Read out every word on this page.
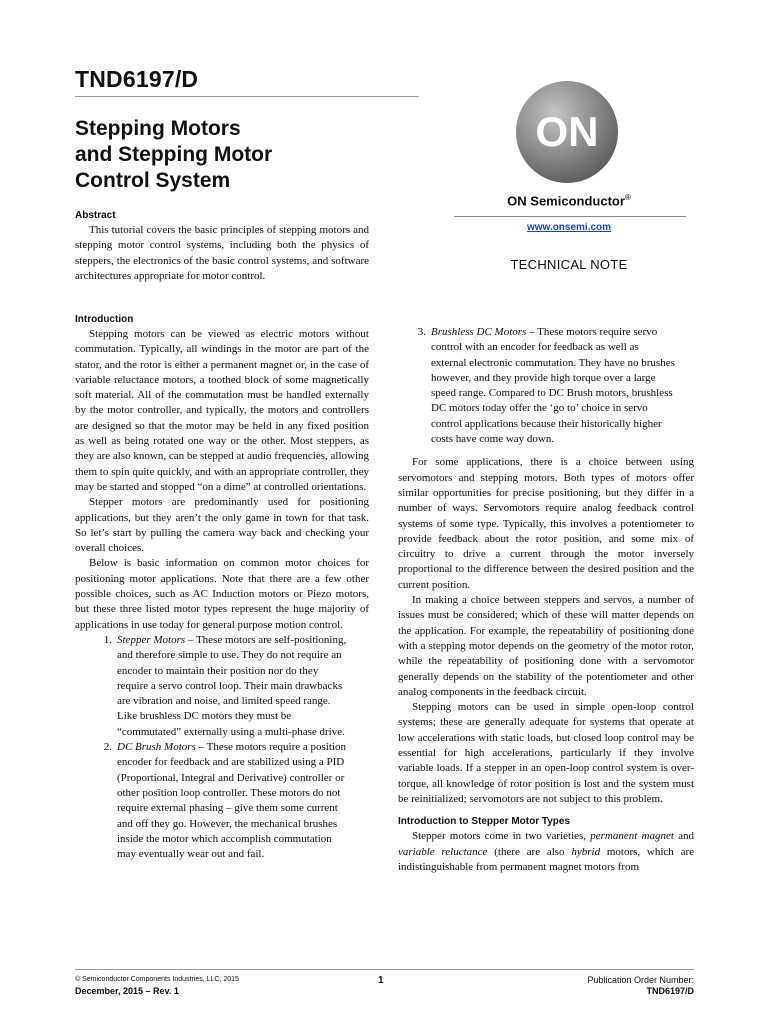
TND6197/D
Stepping Motors
and Stepping Motor
Control System
ON
ON Semiconductor®
www.onsemi.com
TECHNICAL NOTE
Abstract

This tutorial covers the basic principles of stepping motors and stepping motor control systems, including both the physics of steppers, the electronics of the basic control systems, and software architectures appropriate for motor control.

Introduction

Stepping motors can be viewed as electric motors without commutation. Typically, all windings in the motor are part of the stator, and the rotor is either a permanent magnet or, in the case of variable reluctance motors, a toothed block of some magnetically soft material. All of the commutation must be handled externally by the motor controller, and typically, the motors and controllers are designed so that the motor may be held in any fixed position as well as being rotated one way or the other. Most steppers, as they are also known, can be stepped at audio frequencies, allowing them to spin quite quickly, and with an appropriate controller, they may be started and stopped “on a dime” at controlled orientations.

Stepper motors are predominantly used for positioning applications, but they aren’t the only game in town for that task. So let’s start by pulling the camera way back and checking your overall choices.

Below is basic information on common motor choices for positioning motor applications. Note that there are a few other possible choices, such as AC Induction motors or Piezo motors, but these three listed motor types represent the huge majority of applications in use today for general purpose motion control.

1. Stepper Motors – These motors are self-positioning, and therefore simple to use. They do not require an encoder to maintain their position nor do they require a servo control loop. Their main drawbacks are vibration and noise, and limited speed range. Like brushless DC motors they must be “commutated” externally using a multi-phase drive.
2. DC Brush Motors – These motors require a position encoder for feedback and are stabilized using a PID (Proportional, Integral and Derivative) controller or other position loop controller. These motors do not require external phasing – give them some current and off they go. However, the mechanical brushes inside the motor which accomplish commutation may eventually wear out and fail.
3. Brushless DC Motors – These motors require servo control with an encoder for feedback as well as external electronic commutation. They have no brushes however, and they provide high torque over a large speed range. Compared to DC Brush motors, brushless DC motors today offer the ‘go to’ choice in servo control applications because their historically higher costs have come way down.

For some applications, there is a choice between using servomotors and stepping motors. Both types of motors offer similar opportunities for precise positioning, but they differ in a number of ways. Servomotors require analog feedback control systems of some type. Typically, this involves a potentiometer to provide feedback about the rotor position, and some mix of circuitry to drive a current through the motor inversely proportional to the difference between the desired position and the current position.

In making a choice between steppers and servos, a number of issues must be considered; which of these will matter depends on the application. For example, the repeatability of positioning done with a stepping motor depends on the geometry of the motor rotor, while the repeatability of positioning done with a servomotor generally depends on the stability of the potentiometer and other analog components in the feedback circuit.

Stepping motors can be used in simple open-loop control systems; these are generally adequate for systems that operate at low accelerations with static loads, but closed loop control may be essential for high accelerations, particularly if they involve variable loads. If a stepper in an open-loop control system is over-torque, all knowledge of rotor position is lost and the system must be reinitialized; servomotors are not subject to this problem.

Introduction to Stepper Motor Types

Stepper motors come in two varieties, permanent magnet and variable reluctance (there are also hybrid motors, which are indistinguishable from permanent magnet motors from

© Semiconductor Components Industries, LLC, 2015
December, 2015 – Rev. 1
1	Publication Order Number:
TND6197/D
